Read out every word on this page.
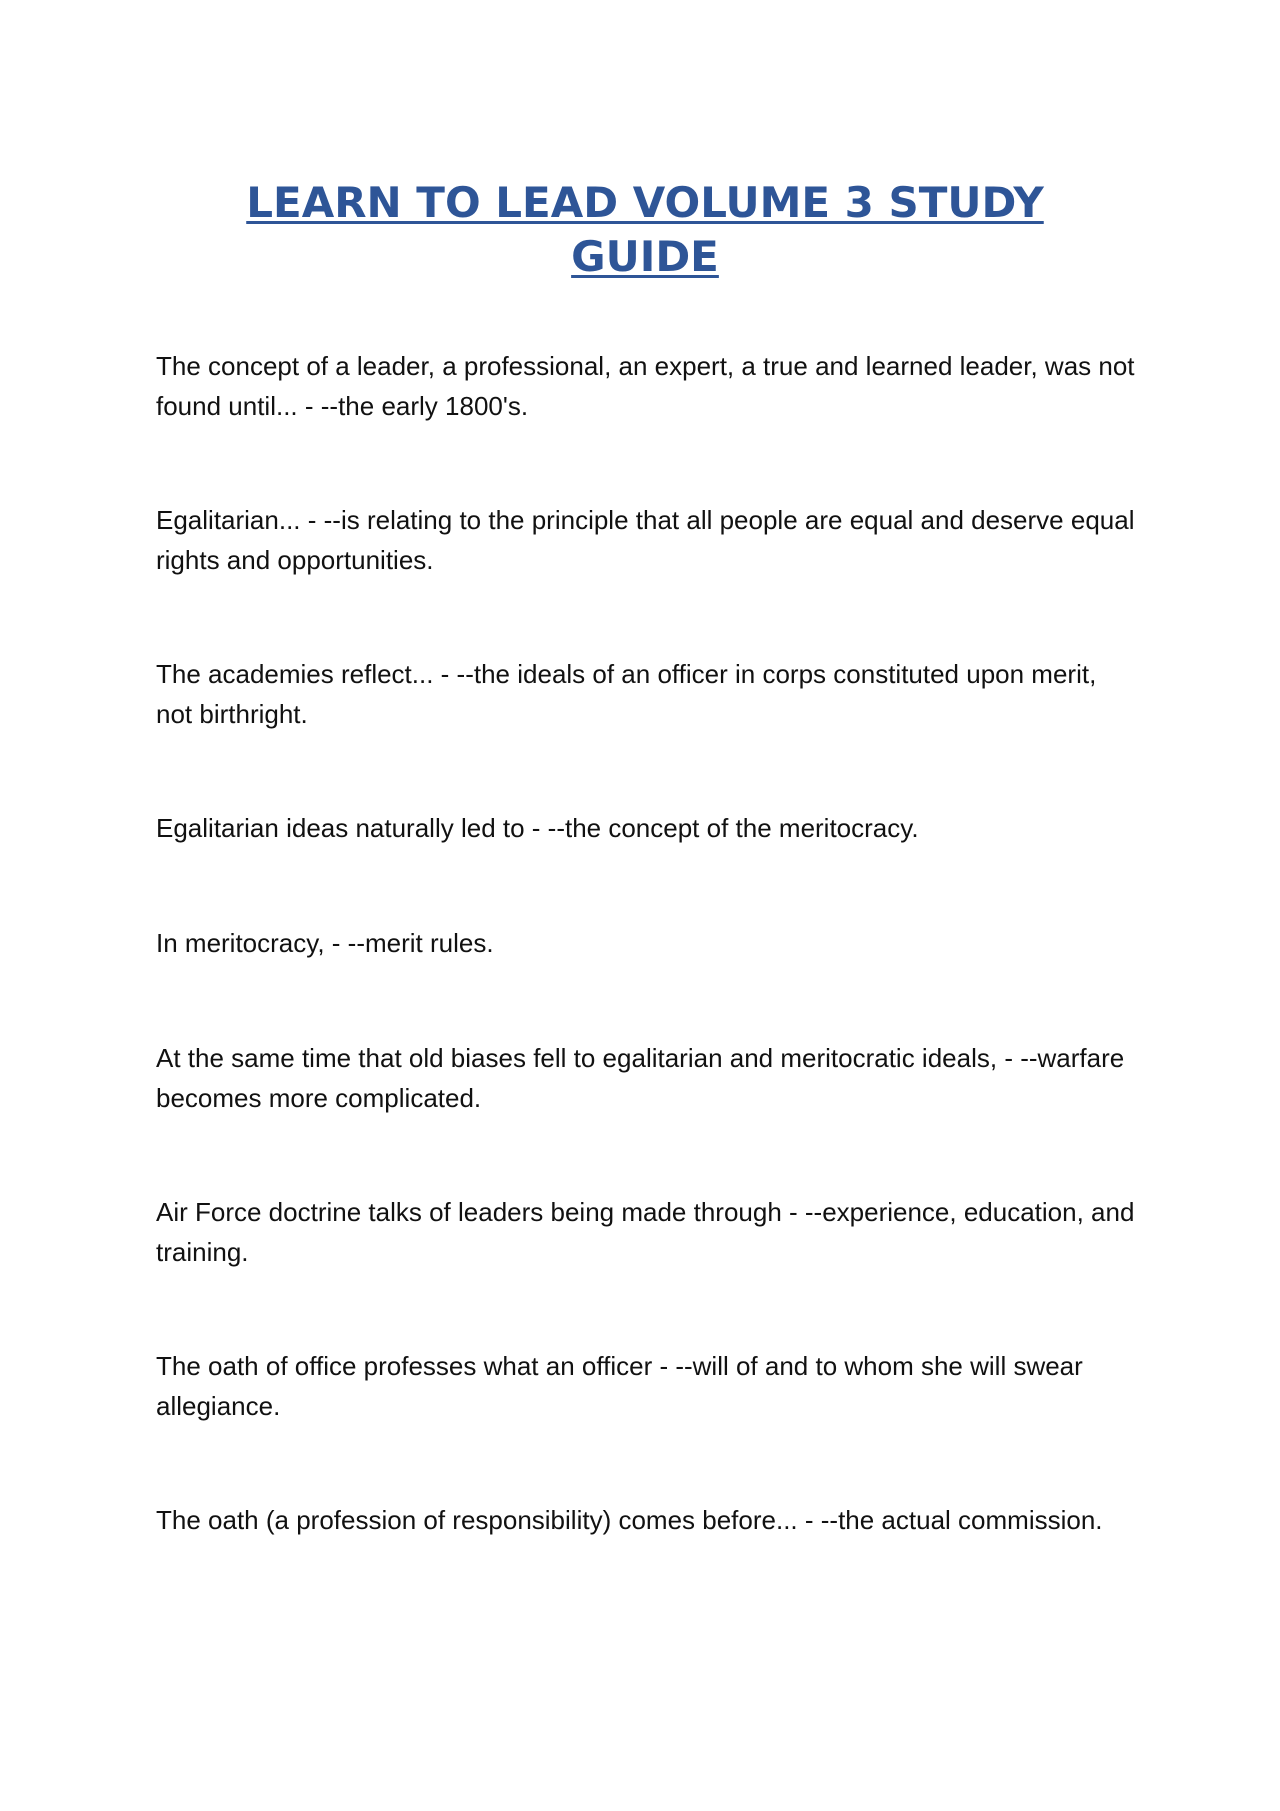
LEARN TO LEAD VOLUME 3 STUDY GUIDE
The concept of a leader, a professional, an expert, a true and learned leader, was not found until... - --the early 1800's.
Egalitarian... - --is relating to the principle that all people are equal and deserve equal rights and opportunities.
The academies reflect... - --the ideals of an officer in corps constituted upon merit, not birthright.
Egalitarian ideas naturally led to - --the concept of the meritocracy.
In meritocracy, - --merit rules.
At the same time that old biases fell to egalitarian and meritocratic ideals, - --warfare becomes more complicated.
Air Force doctrine talks of leaders being made through - --experience, education, and training.
The oath of office professes what an officer - --will of and to whom she will swear allegiance.
The oath (a profession of responsibility) comes before... - --the actual commission.
